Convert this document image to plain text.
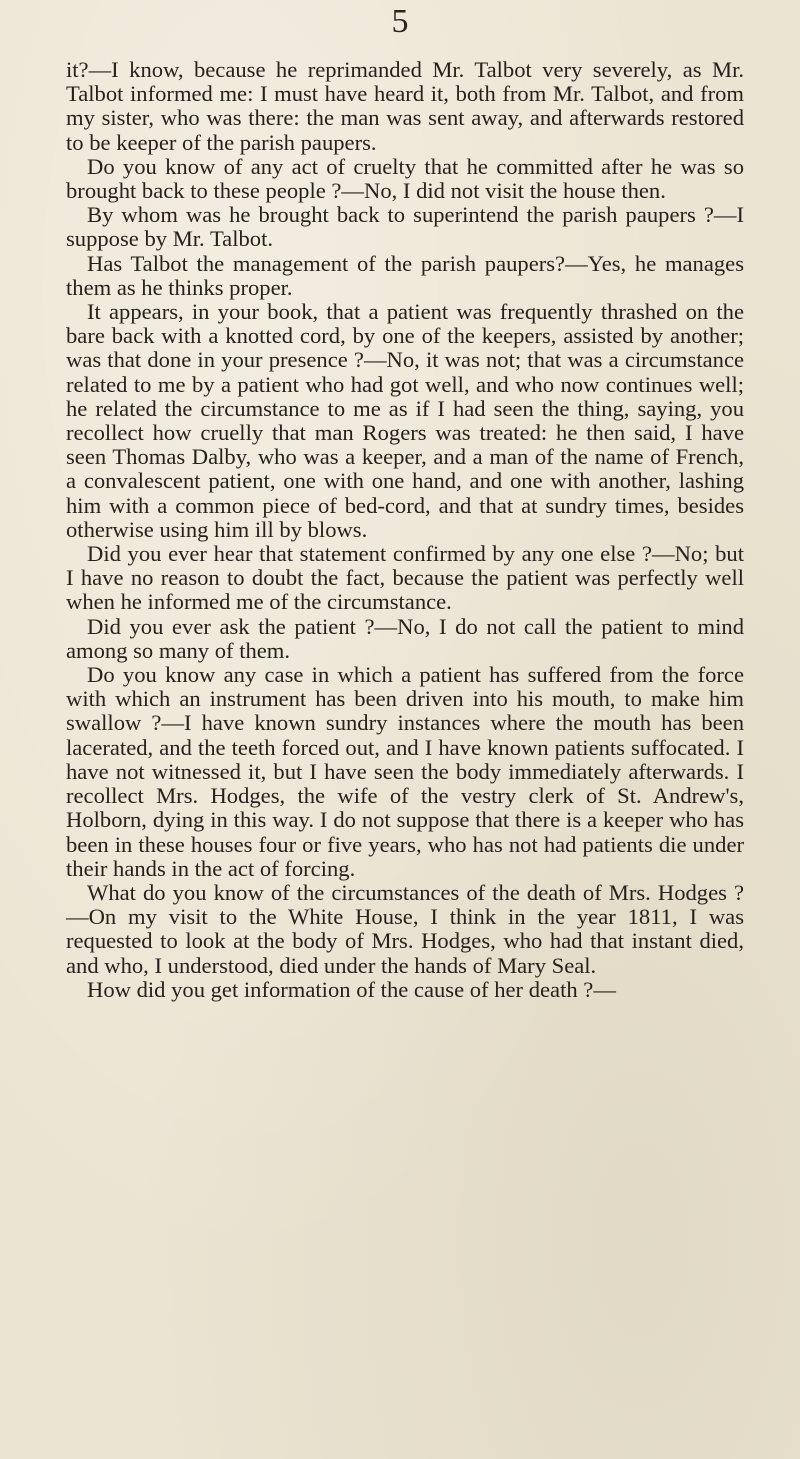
5

it?—I know, because he reprimanded Mr. Talbot very severely, as Mr. Talbot informed me: I must have heard it, both from Mr. Talbot, and from my sister, who was there: the man was sent away, and afterwards restored to be keeper of the parish paupers.

Do you know of any act of cruelty that he committed after he was so brought back to these people ?—No, I did not visit the house then.

By whom was he brought back to superintend the parish paupers ?—I suppose by Mr. Talbot.

Has Talbot the management of the parish paupers?—Yes, he manages them as he thinks proper.

It appears, in your book, that a patient was frequently thrashed on the bare back with a knotted cord, by one of the keepers, assisted by another; was that done in your presence ?—No, it was not; that was a circumstance related to me by a patient who had got well, and who now continues well; he related the circumstance to me as if I had seen the thing, saying, you recollect how cruelly that man Rogers was treated: he then said, I have seen Thomas Dalby, who was a keeper, and a man of the name of French, a convalescent patient, one with one hand, and one with another, lashing him with a common piece of bed-cord, and that at sundry times, besides otherwise using him ill by blows.

Did you ever hear that statement confirmed by any one else ?—No; but I have no reason to doubt the fact, because the patient was perfectly well when he informed me of the circumstance.

Did you ever ask the patient ?—No, I do not call the patient to mind among so many of them.

Do you know any case in which a patient has suffered from the force with which an instrument has been driven into his mouth, to make him swallow ?—I have known sundry instances where the mouth has been lacerated, and the teeth forced out, and I have known patients suffocated. I have not witnessed it, but I have seen the body immediately afterwards. I recollect Mrs. Hodges, the wife of the vestry clerk of St. Andrew's, Holborn, dying in this way. I do not suppose that there is a keeper who has been in these houses four or five years, who has not had patients die under their hands in the act of forcing.

What do you know of the circumstances of the death of Mrs. Hodges ?—On my visit to the White House, I think in the year 1811, I was requested to look at the body of Mrs. Hodges, who had that instant died, and who, I understood, died under the hands of Mary Seal.

How did you get information of the cause of her death ?—
